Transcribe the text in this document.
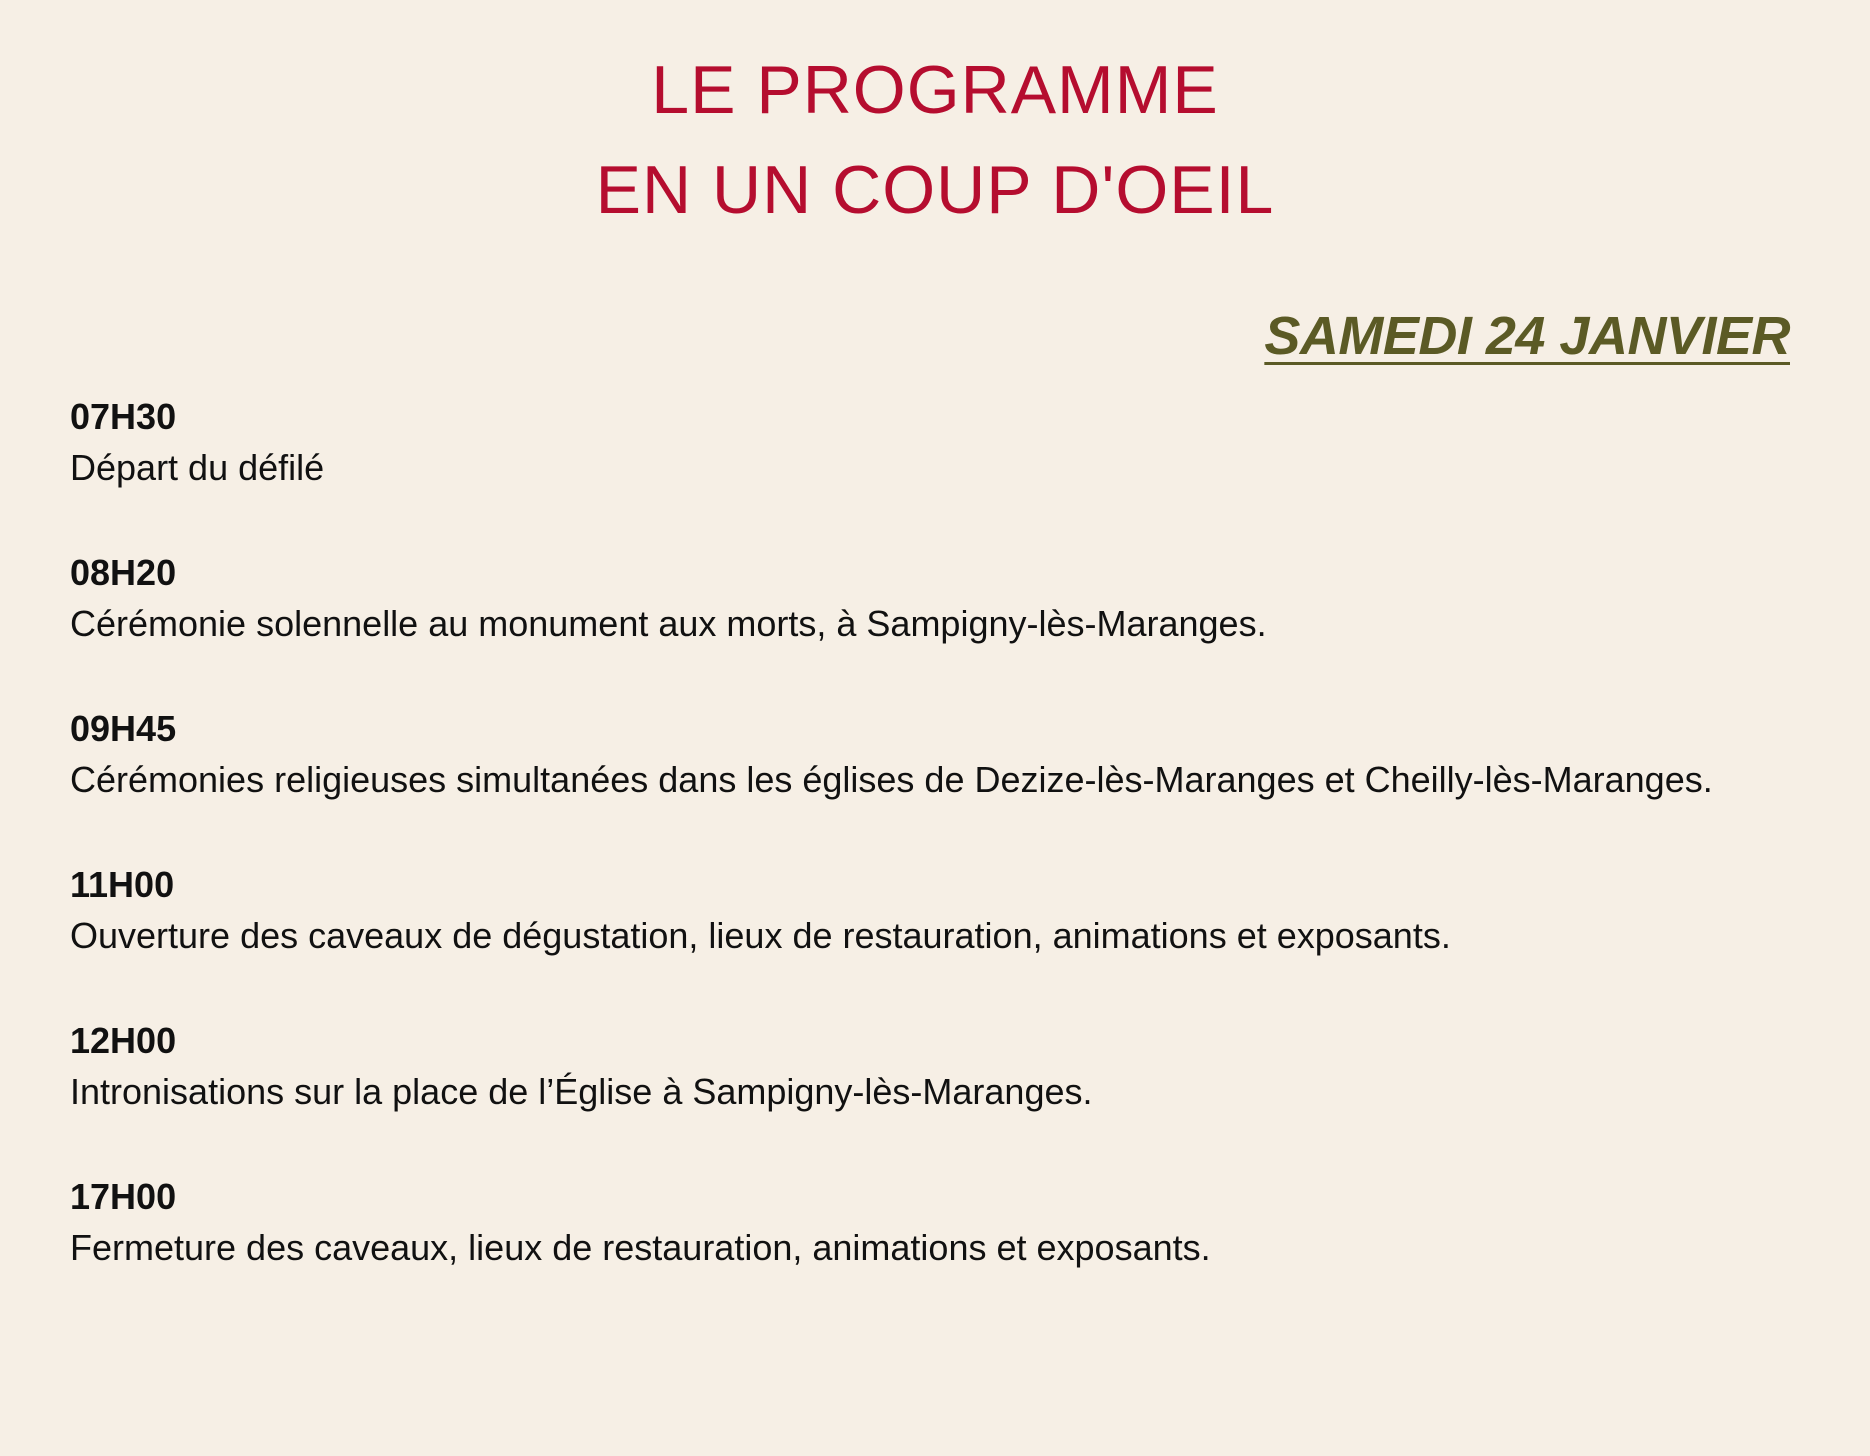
LE PROGRAMME
EN UN COUP D'OEIL
SAMEDI 24 JANVIER
07H30
Départ du défilé
08H20
Cérémonie solennelle au monument aux morts, à Sampigny-lès-Maranges.
09H45
Cérémonies religieuses simultanées dans les églises de Dezize-lès-Maranges et Cheilly-lès-Maranges.
11H00
Ouverture des caveaux de dégustation, lieux de restauration, animations et exposants.
12H00
Intronisations sur la place de l’Église à Sampigny-lès-Maranges.
17H00
Fermeture des caveaux, lieux de restauration, animations et exposants.
